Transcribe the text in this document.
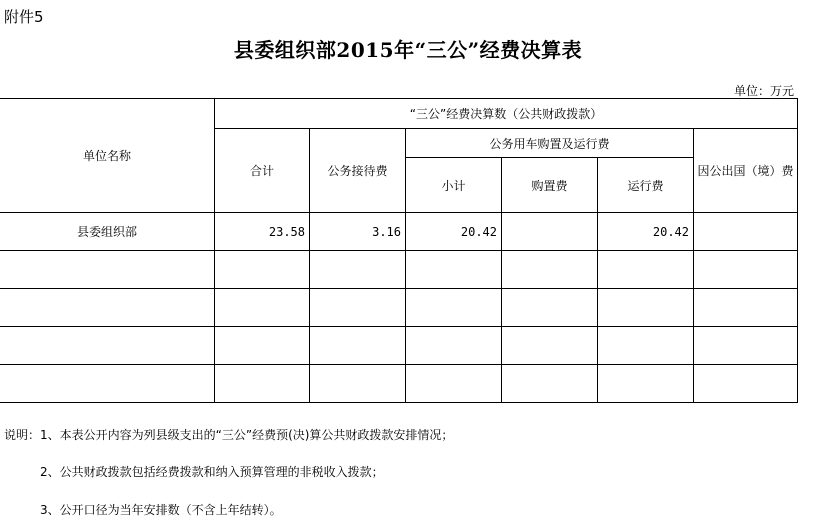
附件5
县委组织部2015年“三公”经费决算表
单位：万元
单位名称	“三公”经费决算数（公共财政拨款）					
	合计	公务接待费	公务用车购置及运行费			因公出国（境）费
			小计	购置费	运行费	
县委组织部	23.58	3.16	20.42		20.42	

说明：1、本表公开内容为列县级支出的“三公”经费预(决)算公共财政拨款安排情况；
2、公共财政拨款包括经费拨款和纳入预算管理的非税收入拨款；
3、公开口径为当年安排数（不含上年结转）。
